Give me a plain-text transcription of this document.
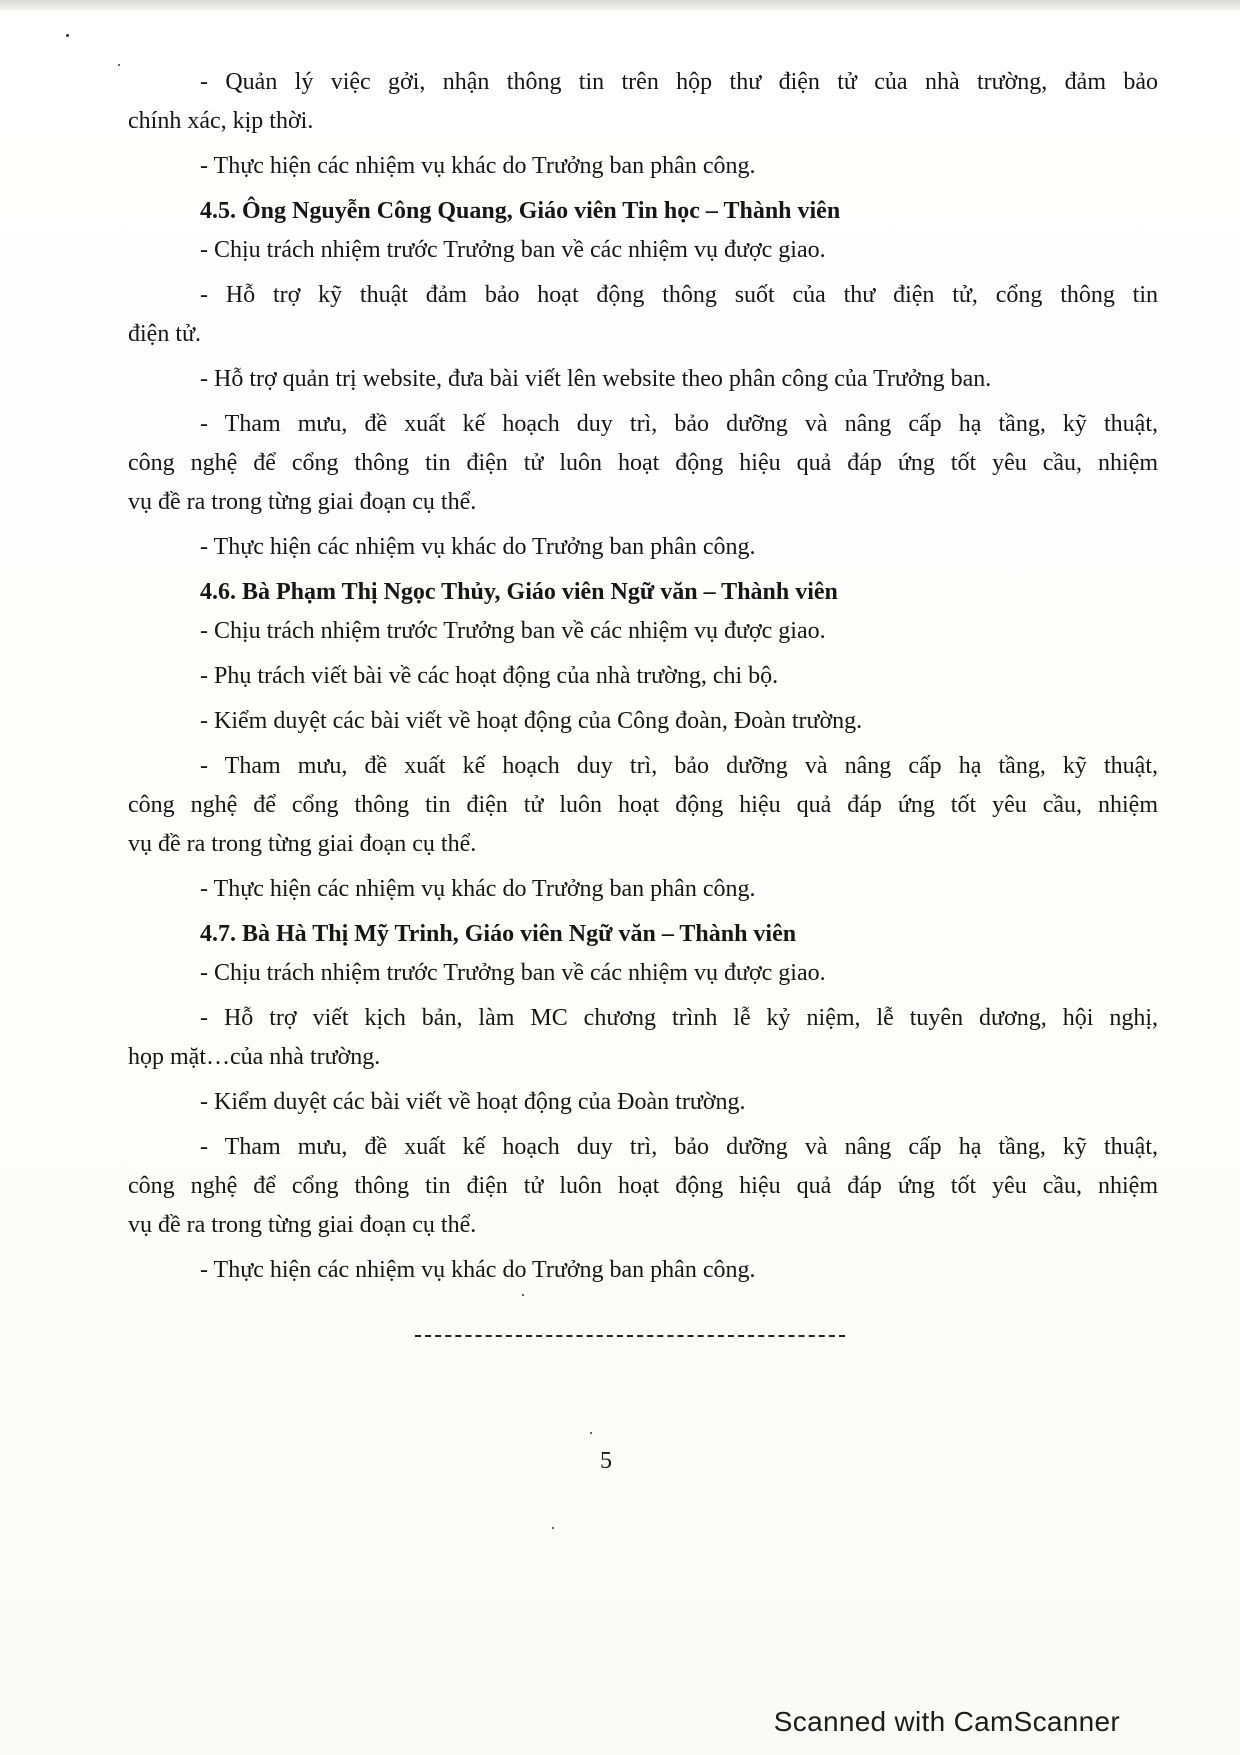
- Quản lý việc gởi, nhận thông tin trên hộp thư điện tử của nhà trường, đảm bảo
chính xác, kịp thời.
- Thực hiện các nhiệm vụ khác do Trưởng ban phân công.
4.5. Ông Nguyễn Công Quang, Giáo viên Tin học – Thành viên
- Chịu trách nhiệm trước Trưởng ban về các nhiệm vụ được giao.
- Hỗ trợ kỹ thuật đảm bảo hoạt động thông suốt của thư điện tử, cổng thông tin
điện tử.
- Hỗ trợ quản trị website, đưa bài viết lên website theo phân công của Trưởng ban.
- Tham mưu, đề xuất kế hoạch duy trì, bảo dưỡng và nâng cấp hạ tầng, kỹ thuật,
công nghệ để cổng thông tin điện tử luôn hoạt động hiệu quả đáp ứng tốt yêu cầu, nhiệm
vụ đề ra trong từng giai đoạn cụ thể.
- Thực hiện các nhiệm vụ khác do Trưởng ban phân công.
4.6. Bà Phạm Thị Ngọc Thủy, Giáo viên Ngữ văn – Thành viên
- Chịu trách nhiệm trước Trưởng ban về các nhiệm vụ được giao.
- Phụ trách viết bài về các hoạt động của nhà trường, chi bộ.
- Kiểm duyệt các bài viết về hoạt động của Công đoàn, Đoàn trường.
- Tham mưu, đề xuất kế hoạch duy trì, bảo dưỡng và nâng cấp hạ tầng, kỹ thuật,
công nghệ để cổng thông tin điện tử luôn hoạt động hiệu quả đáp ứng tốt yêu cầu, nhiệm
vụ đề ra trong từng giai đoạn cụ thể.
- Thực hiện các nhiệm vụ khác do Trưởng ban phân công.
4.7. Bà Hà Thị Mỹ Trinh, Giáo viên Ngữ văn – Thành viên
- Chịu trách nhiệm trước Trưởng ban về các nhiệm vụ được giao.
- Hỗ trợ viết kịch bản, làm MC chương trình lễ kỷ niệm, lễ tuyên dương, hội nghị,
họp mặt…của nhà trường.
- Kiểm duyệt các bài viết về hoạt động của Đoàn trường.
- Tham mưu, đề xuất kế hoạch duy trì, bảo dưỡng và nâng cấp hạ tầng, kỹ thuật,
công nghệ để cổng thông tin điện tử luôn hoạt động hiệu quả đáp ứng tốt yêu cầu, nhiệm
vụ đề ra trong từng giai đoạn cụ thể.
- Thực hiện các nhiệm vụ khác do Trưởng ban phân công.
5
Scanned with CamScanner
